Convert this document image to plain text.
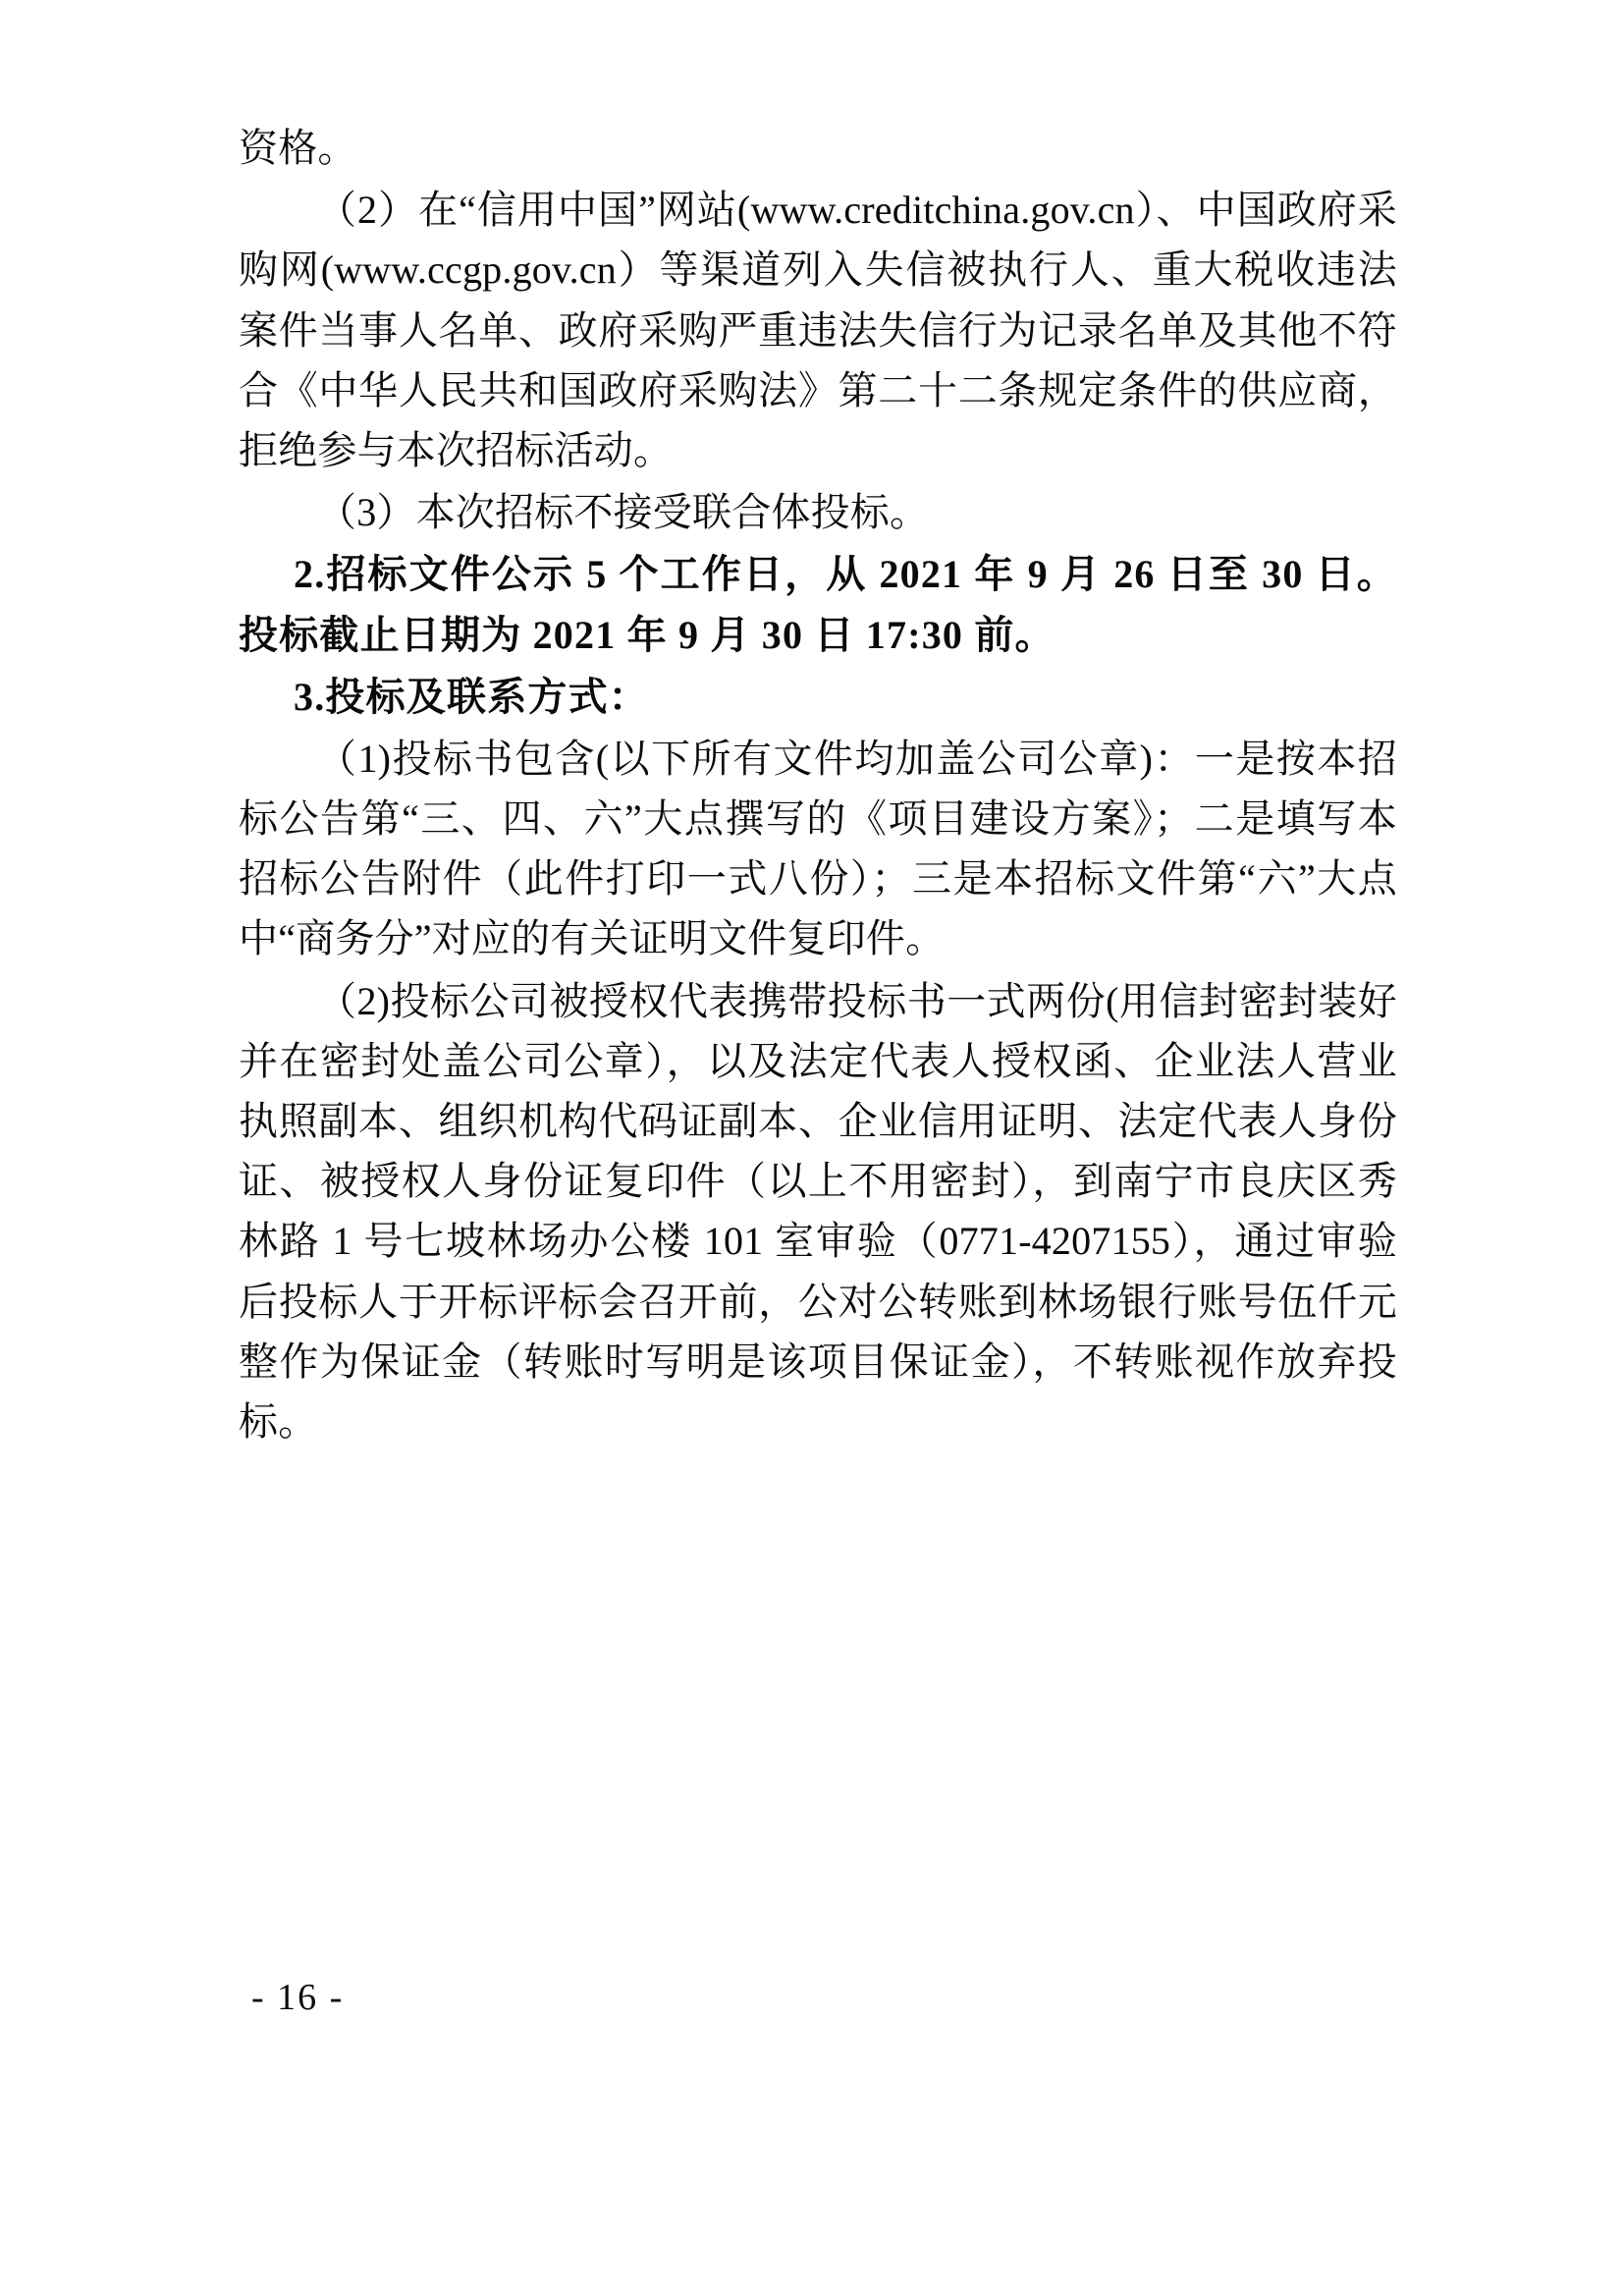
资格。

（2）在“信用中国”网站(www.creditchina.gov.cn）、中国政府采购网(www.ccgp.gov.cn）等渠道列入失信被执行人、重大税收违法案件当事人名单、政府采购严重违法失信行为记录名单及其他不符合《中华人民共和国政府采购法》第二十二条规定条件的供应商，拒绝参与本次招标活动。

（3）本次招标不接受联合体投标。

2.招标文件公示 5 个工作日，从 2021 年 9 月 26 日至 30 日。投标截止日期为 2021 年 9 月 30 日 17:30 前。

3.投标及联系方式：

（1)投标书包含(以下所有文件均加盖公司公章)：一是按本招标公告第“三、四、六”大点撰写的《项目建设方案》；二是填写本招标公告附件（此件打印一式八份）；三是本招标文件第“六”大点中“商务分”对应的有关证明文件复印件。

（2)投标公司被授权代表携带投标书一式两份(用信封密封装好并在密封处盖公司公章），以及法定代表人授权函、企业法人营业执照副本、组织机构代码证副本、企业信用证明、法定代表人身份证、被授权人身份证复印件（以上不用密封），到南宁市良庆区秀林路 1 号七坡林场办公楼 101 室审验（0771-4207155），通过审验后投标人于开标评标会召开前，公对公转账到林场银行账号伍仟元整作为保证金（转账时写明是该项目保证金），不转账视作放弃投标。

- 16 -
